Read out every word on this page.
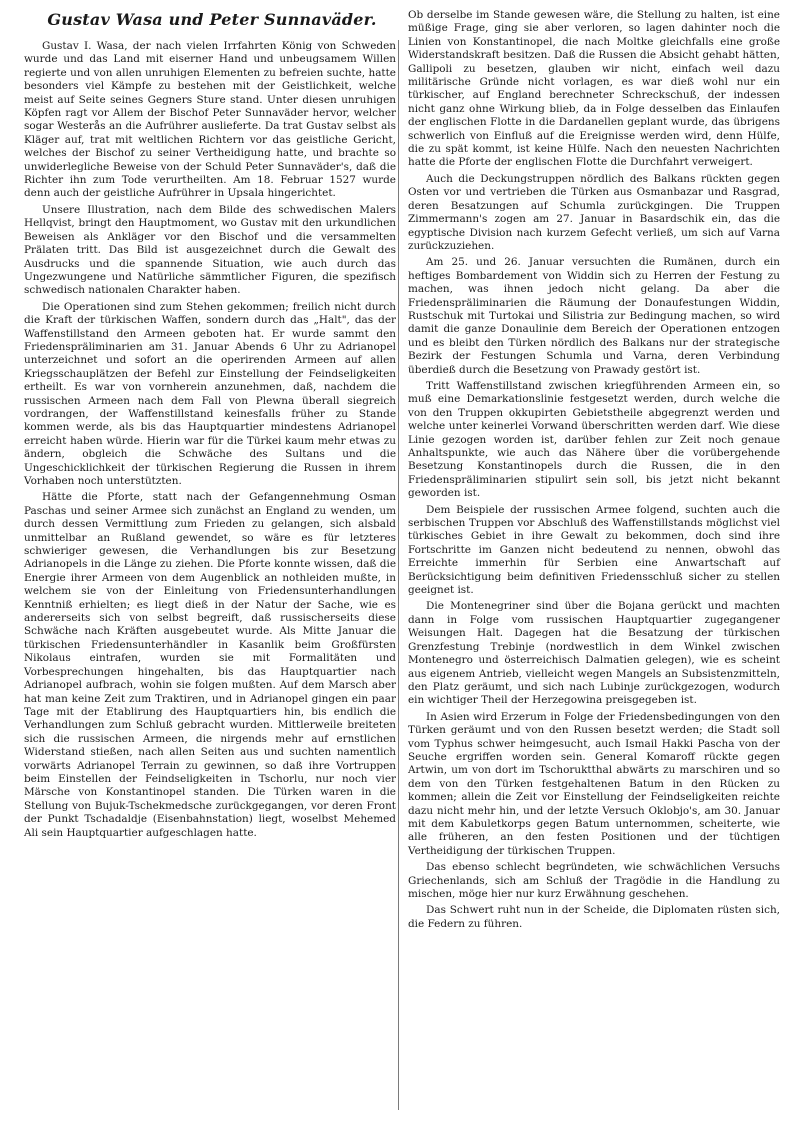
Gustav Wasa und Peter Sunnaväder.

Gustav I. Wasa, der nach vielen Irrfahrten König von Schweden wurde und das Land mit eiserner Hand und unbeugsamem Willen regierte und von allen unruhigen Elementen zu befreien suchte, hatte besonders viel Kämpfe zu bestehen mit der Geistlichkeit, welche meist auf Seite seines Gegners Sture stand. Unter diesen unruhigen Köpfen ragt vor Allem der Bischof Peter Sunnaväder hervor, welcher sogar Westerås an die Aufrührer auslieferte. Da trat Gustav selbst als Kläger auf, trat mit weltlichen Richtern vor das geistliche Gericht, welches der Bischof zu seiner Vertheidigung hatte, und brachte so unwiderlegliche Beweise von der Schuld Peter Sunnaväder's, daß die Richter ihn zum Tode verurtheilten. Am 18. Februar 1527 wurde denn auch der geistliche Aufrührer in Upsala hingerichtet.

Unsere Illustration, nach dem Bilde des schwedischen Malers Hellqvist, bringt den Hauptmoment, wo Gustav mit den urkundlichen Beweisen als Ankläger vor den Bischof und die versammelten Prälaten tritt. Das Bild ist ausgezeichnet durch die Gewalt des Ausdrucks und die spannende Situation, wie auch durch das Ungezwungene und Natürliche sämmtlicher Figuren, die spezifisch schwedisch nationalen Charakter haben.

Die Operationen sind zum Stehen gekommen; freilich nicht durch die Kraft der türkischen Waffen, sondern durch das „Halt", das der Waffenstillstand den Armeen geboten hat. Er wurde sammt den Friedenspräliminarien am 31. Januar Abends 6 Uhr zu Adrianopel unterzeichnet und sofort an die operirenden Armeen auf allen Kriegsschauplätzen der Befehl zur Einstellung der Feindseligkeiten ertheilt. Es war von vornherein anzunehmen, daß, nachdem die russischen Armeen nach dem Fall von Plewna überall siegreich vordrangen, der Waffenstillstand keinesfalls früher zu Stande kommen werde, als bis das Hauptquartier mindestens Adrianopel erreicht haben würde. Hierin war für die Türkei kaum mehr etwas zu ändern, obgleich die Schwäche des Sultans und die Ungeschicklichkeit der türkischen Regierung die Russen in ihrem Vorhaben noch unterstützten.

Hätte die Pforte, statt nach der Gefangennehmung Osman Paschas und seiner Armee sich zunächst an England zu wenden, um durch dessen Vermittlung zum Frieden zu gelangen, sich alsbald unmittelbar an Rußland gewendet, so wäre es für letzteres schwieriger gewesen, die Verhandlungen bis zur Besetzung Adrianopels in die Länge zu ziehen. Die Pforte konnte wissen, daß die Energie ihrer Armeen von dem Augenblick an nothleiden mußte, in welchem sie von der Einleitung von Friedensunterhandlungen Kenntniß erhielten; es liegt dieß in der Natur der Sache, wie es andererseits sich von selbst begreift, daß russischerseits diese Schwäche nach Kräften ausgebeutet wurde. Als Mitte Januar die türkischen Friedensunterhändler in Kasanlik beim Großfürsten Nikolaus eintrafen, wurden sie mit Formalitäten und Vorbesprechungen hingehalten, bis das Hauptquartier nach Adrianopel aufbrach, wohin sie folgen mußten. Auf dem Marsch aber hat man keine Zeit zum Traktiren, und in Adrianopel gingen ein paar Tage mit der Etablirung des Hauptquartiers hin, bis endlich die Verhandlungen zum Schluß gebracht wurden. Mittlerweile breiteten sich die russischen Armeen, die nirgends mehr auf ernstlichen Widerstand stießen, nach allen Seiten aus und suchten namentlich vorwärts Adrianopel Terrain zu gewinnen, so daß ihre Vortruppen beim Einstellen der Feindseligkeiten in Tschorlu, nur noch vier Märsche von Konstantinopel standen. Die Türken waren in die Stellung von Bujuk-Tschekmedsche zurückgegangen, vor deren Front der Punkt Tschadaldje (Eisenbahnstation) liegt, woselbst Mehemed Ali sein Hauptquartier aufgeschlagen hatte.

Ob derselbe im Stande gewesen wäre, die Stellung zu halten, ist eine müßige Frage, ging sie aber verloren, so lagen dahinter noch die Linien von Konstantinopel, die nach Moltke gleichfalls eine große Widerstandskraft besitzen. Daß die Russen die Absicht gehabt hätten, Gallipoli zu besetzen, glauben wir nicht, einfach weil dazu militärische Gründe nicht vorlagen, es war dieß wohl nur ein türkischer, auf England berechneter Schreckschuß, der indessen nicht ganz ohne Wirkung blieb, da in Folge desselben das Einlaufen der englischen Flotte in die Dardanellen geplant wurde, das übrigens schwerlich von Einfluß auf die Ereignisse werden wird, denn Hülfe, die zu spät kommt, ist keine Hülfe. Nach den neuesten Nachrichten hatte die Pforte der englischen Flotte die Durchfahrt verweigert.

Auch die Deckungstruppen nördlich des Balkans rückten gegen Osten vor und vertrieben die Türken aus Osmanbazar und Rasgrad, deren Besatzungen auf Schumla zurückgingen. Die Truppen Zimmermann's zogen am 27. Januar in Basardschik ein, das die egyptische Division nach kurzem Gefecht verließ, um sich auf Varna zurückzuziehen.

Am 25. und 26. Januar versuchten die Rumänen, durch ein heftiges Bombardement von Widdin sich zu Herren der Festung zu machen, was ihnen jedoch nicht gelang. Da aber die Friedenspräliminarien die Räumung der Donaufestungen Widdin, Rustschuk mit Turtokai und Silistria zur Bedingung machen, so wird damit die ganze Donaulinie dem Bereich der Operationen entzogen und es bleibt den Türken nördlich des Balkans nur der strategische Bezirk der Festungen Schumla und Varna, deren Verbindung überdieß durch die Besetzung von Prawady gestört ist.

Tritt Waffenstillstand zwischen kriegführenden Armeen ein, so muß eine Demarkationslinie festgesetzt werden, durch welche die von den Truppen okkupirten Gebietstheile abgegrenzt werden und welche unter keinerlei Vorwand überschritten werden darf. Wie diese Linie gezogen worden ist, darüber fehlen zur Zeit noch genaue Anhaltspunkte, wie auch das Nähere über die vorübergehende Besetzung Konstantinopels durch die Russen, die in den Friedenspräliminarien stipulirt sein soll, bis jetzt nicht bekannt geworden ist.

Dem Beispiele der russischen Armee folgend, suchten auch die serbischen Truppen vor Abschluß des Waffenstillstands möglichst viel türkisches Gebiet in ihre Gewalt zu bekommen, doch sind ihre Fortschritte im Ganzen nicht bedeutend zu nennen, obwohl das Erreichte immerhin für Serbien eine Anwartschaft auf Berücksichtigung beim definitiven Friedensschluß sicher zu stellen geeignet ist.

Die Montenegriner sind über die Bojana gerückt und machten dann in Folge vom russischen Hauptquartier zugegangener Weisungen Halt. Dagegen hat die Besatzung der türkischen Grenzfestung Trebinje (nordwestlich in dem Winkel zwischen Montenegro und österreichisch Dalmatien gelegen), wie es scheint aus eigenem Antrieb, vielleicht wegen Mangels an Subsistenzmitteln, den Platz geräumt, und sich nach Lubinje zurückgezogen, wodurch ein wichtiger Theil der Herzegowina preisgegeben ist.

In Asien wird Erzerum in Folge der Friedensbedingungen von den Türken geräumt und von den Russen besetzt werden; die Stadt soll vom Typhus schwer heimgesucht, auch Ismail Hakki Pascha von der Seuche ergriffen worden sein. General Komaroff rückte gegen Artwin, um von dort im Tschoruktthal abwärts zu marschiren und so dem von den Türken festgehaltenen Batum in den Rücken zu kommen; allein die Zeit vor Einstellung der Feindseligkeiten reichte dazu nicht mehr hin, und der letzte Versuch Oklobjo's, am 30. Januar mit dem Kabuletkorps gegen Batum unternommen, scheiterte, wie alle früheren, an den festen Positionen und der tüchtigen Vertheidigung der türkischen Truppen.

Das ebenso schlecht begründeten, wie schwächlichen Versuchs Griechenlands, sich am Schluß der Tragödie in die Handlung zu mischen, möge hier nur kurz Erwähnung geschehen.

Das Schwert ruht nun in der Scheide, die Diplomaten rüsten sich, die Federn zu führen.
